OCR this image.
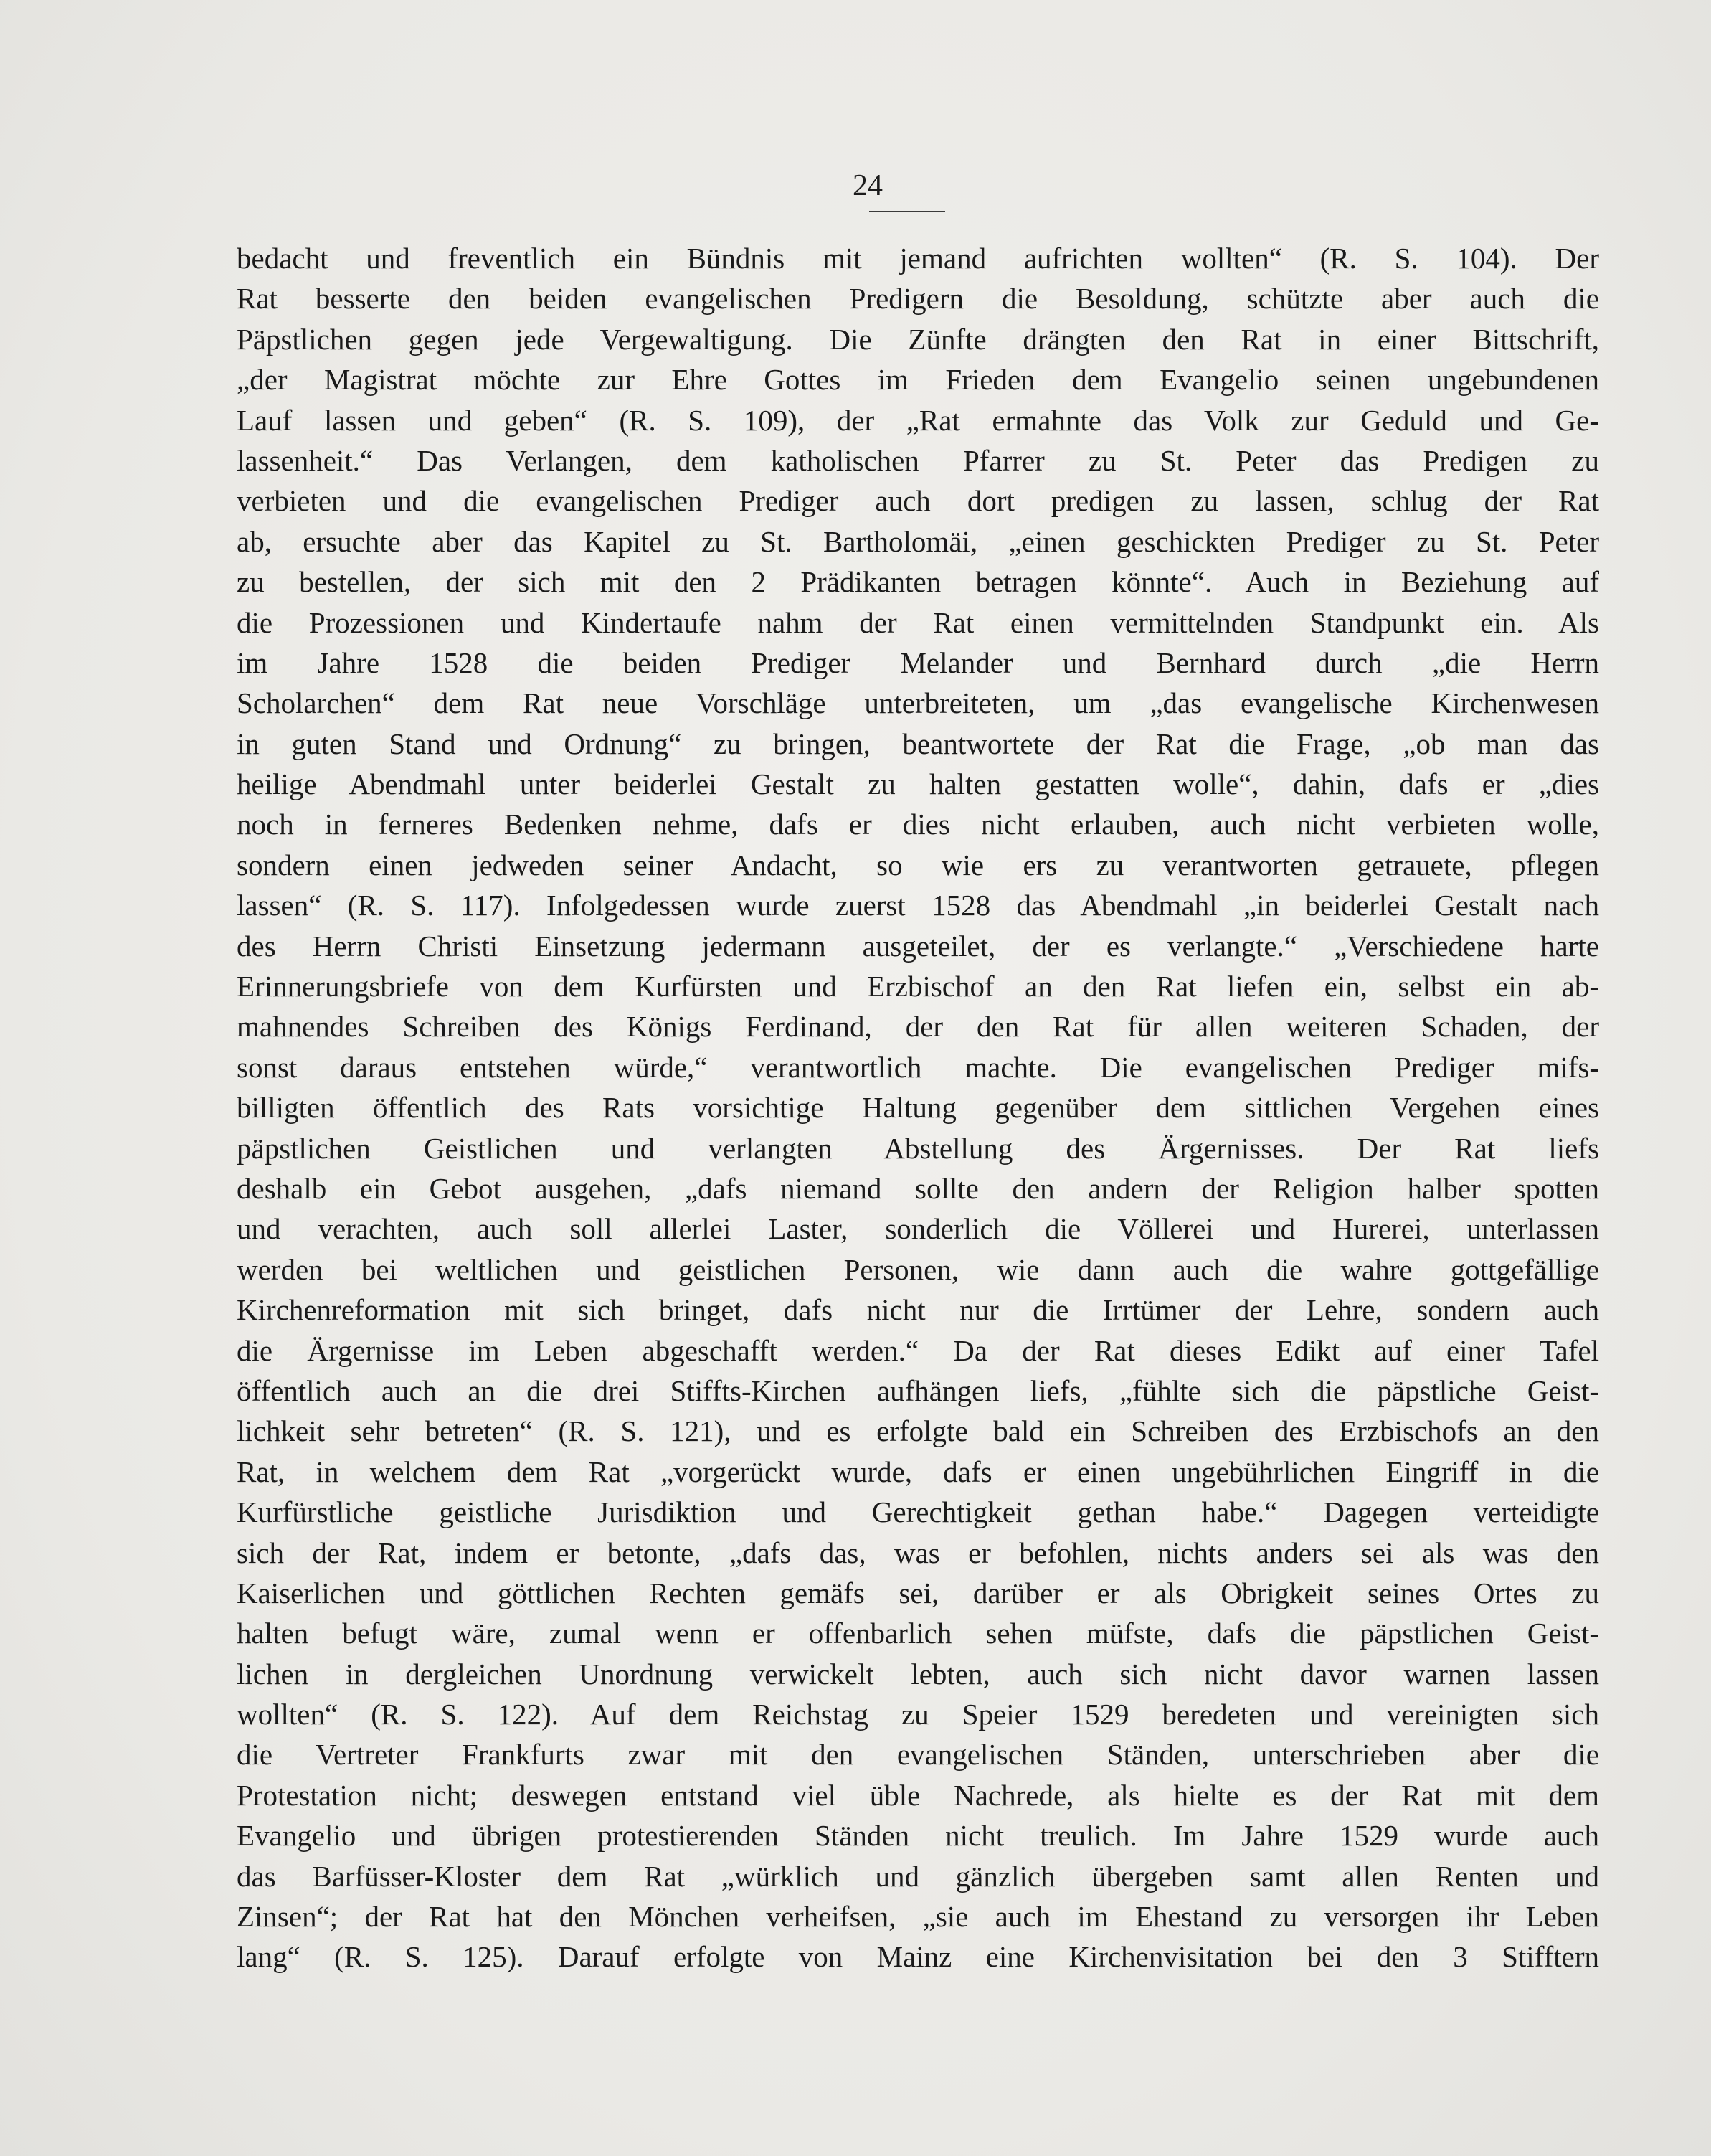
24
bedacht und freventlich ein Bündnis mit jemand aufrichten wollten“ (R. S. 104). Der
Rat besserte den beiden evangelischen Predigern die Besoldung, schützte aber auch die
Päpstlichen gegen jede Vergewaltigung. Die Zünfte drängten den Rat in einer Bittschrift,
„der Magistrat möchte zur Ehre Gottes im Frieden dem Evangelio seinen ungebundenen
Lauf lassen und geben“ (R. S. 109), der „Rat ermahnte das Volk zur Geduld und Ge-
lassenheit.“ Das Verlangen, dem katholischen Pfarrer zu St. Peter das Predigen zu
verbieten und die evangelischen Prediger auch dort predigen zu lassen, schlug der Rat
ab, ersuchte aber das Kapitel zu St. Bartholomäi, „einen geschickten Prediger zu St. Peter
zu bestellen, der sich mit den 2 Prädikanten betragen könnte“. Auch in Beziehung auf
die Prozessionen und Kindertaufe nahm der Rat einen vermittelnden Standpunkt ein. Als
im Jahre 1528 die beiden Prediger Melander und Bernhard durch „die Herrn
Scholarchen“ dem Rat neue Vorschläge unterbreiteten, um „das evangelische Kirchenwesen
in guten Stand und Ordnung“ zu bringen, beantwortete der Rat die Frage, „ob man das
heilige Abendmahl unter beiderlei Gestalt zu halten gestatten wolle“, dahin, dafs er „dies
noch in ferneres Bedenken nehme, dafs er dies nicht erlauben, auch nicht verbieten wolle,
sondern einen jedweden seiner Andacht, so wie ers zu verantworten getrauete, pflegen
lassen“ (R. S. 117). Infolgedessen wurde zuerst 1528 das Abendmahl „in beiderlei Gestalt nach
des Herrn Christi Einsetzung jedermann ausgeteilet, der es verlangte.“ „Verschiedene harte
Erinnerungsbriefe von dem Kurfürsten und Erzbischof an den Rat liefen ein, selbst ein ab-
mahnendes Schreiben des Königs Ferdinand, der den Rat für allen weiteren Schaden, der
sonst daraus entstehen würde,“ verantwortlich machte. Die evangelischen Prediger mifs-
billigten öffentlich des Rats vorsichtige Haltung gegenüber dem sittlichen Vergehen eines
päpstlichen Geistlichen und verlangten Abstellung des Ärgernisses. Der Rat liefs
deshalb ein Gebot ausgehen, „dafs niemand sollte den andern der Religion halber spotten
und verachten, auch soll allerlei Laster, sonderlich die Völlerei und Hurerei, unterlassen
werden bei weltlichen und geistlichen Personen, wie dann auch die wahre gottgefällige
Kirchenreformation mit sich bringet, dafs nicht nur die Irrtümer der Lehre, sondern auch
die Ärgernisse im Leben abgeschafft werden.“ Da der Rat dieses Edikt auf einer Tafel
öffentlich auch an die drei Stiffts-Kirchen aufhängen liefs, „fühlte sich die päpstliche Geist-
lichkeit sehr betreten“ (R. S. 121), und es erfolgte bald ein Schreiben des Erzbischofs an den
Rat, in welchem dem Rat „vorgerückt wurde, dafs er einen ungebührlichen Eingriff in die
Kurfürstliche geistliche Jurisdiktion und Gerechtigkeit gethan habe.“ Dagegen verteidigte
sich der Rat, indem er betonte, „dafs das, was er befohlen, nichts anders sei als was den
Kaiserlichen und göttlichen Rechten gemäfs sei, darüber er als Obrigkeit seines Ortes zu
halten befugt wäre, zumal wenn er offenbarlich sehen müfste, dafs die päpstlichen Geist-
lichen in dergleichen Unordnung verwickelt lebten, auch sich nicht davor warnen lassen
wollten“ (R. S. 122). Auf dem Reichstag zu Speier 1529 beredeten und vereinigten sich
die Vertreter Frankfurts zwar mit den evangelischen Ständen, unterschrieben aber die
Protestation nicht; deswegen entstand viel üble Nachrede, als hielte es der Rat mit dem
Evangelio und übrigen protestierenden Ständen nicht treulich. Im Jahre 1529 wurde auch
das Barfüsser-Kloster dem Rat „würklich und gänzlich übergeben samt allen Renten und
Zinsen“; der Rat hat den Mönchen verheifsen, „sie auch im Ehestand zu versorgen ihr Leben
lang“ (R. S. 125). Darauf erfolgte von Mainz eine Kirchenvisitation bei den 3 Stifftern
